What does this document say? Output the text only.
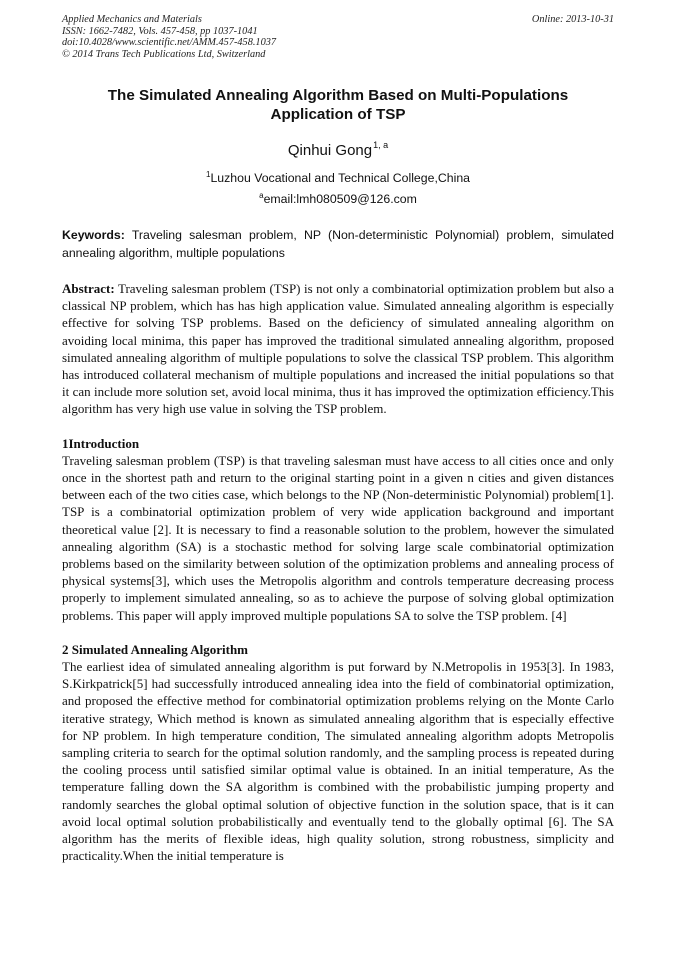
Applied Mechanics and Materials
ISSN: 1662-7482, Vols. 457-458, pp 1037-1041
doi:10.4028/www.scientific.net/AMM.457-458.1037
© 2014 Trans Tech Publications Ltd, Switzerland
Online: 2013-10-31
The Simulated Annealing Algorithm Based on Multi-Populations Application of TSP
Qinhui Gong$^{1, a}$
$^1$Luzhou Vocational and Technical College,China
$^a$email:lmh080509@126.com
Keywords: Traveling salesman problem, NP (Non-deterministic Polynomial) problem, simulated annealing algorithm, multiple populations
Abstract: Traveling salesman problem (TSP) is not only a combinatorial optimization problem but also a classical NP problem, which has has high application value. Simulated annealing algorithm is especially effective for solving TSP problems. Based on the deficiency of simulated annealing algorithm on avoiding local minima, this paper has improved the traditional simulated annealing algorithm, proposed simulated annealing algorithm of multiple populations to solve the classical TSP problem. This algorithm has introduced collateral mechanism of multiple populations and increased the initial populations so that it can include more solution set, avoid local minima, thus it has improved the optimization efficiency.This algorithm has very high use value in solving the TSP problem.
1Introduction
Traveling salesman problem (TSP) is that traveling salesman must have access to all cities once and only once in the shortest path and return to the original starting point in a given n cities and given distances between each of the two cities case, which belongs to the NP (Non-deterministic Polynomial) problem[1]. TSP is a combinatorial optimization problem of very wide application background and important theoretical value [2]. It is necessary to find a reasonable solution to the problem, however the simulated annealing algorithm (SA) is a stochastic method for solving large scale combinatorial optimization problems based on the similarity between solution of the optimization problems and annealing process of physical systems[3], which uses the Metropolis algorithm and controls temperature decreasing process properly to implement simulated annealing, so as to achieve the purpose of solving global optimization problems. This paper will apply improved multiple populations SA to solve the TSP problem. [4]
2 Simulated Annealing Algorithm
The earliest idea of simulated annealing algorithm is put forward by N.Metropolis in 1953[3]. In 1983, S.Kirkpatrick[5] had successfully introduced annealing idea into the field of combinatorial optimization, and proposed the effective method for combinatorial optimization problems relying on the Monte Carlo iterative strategy, Which method is known as simulated annealing algorithm that is especially effective for NP problem. In high temperature condition, The simulated annealing algorithm adopts Metropolis sampling criteria to search for the optimal solution randomly, and the sampling process is repeated during the cooling process until satisfied similar optimal value is obtained. In an initial temperature, As the temperature falling down the SA algorithm is combined with the probabilistic jumping property and randomly searches the global optimal solution of objective function in the solution space, that is it can avoid local optimal solution probabilistically and eventually tend to the globally optimal [6]. The SA algorithm has the merits of flexible ideas, high quality solution, strong robustness, simplicity and practicality.When the initial temperature is
